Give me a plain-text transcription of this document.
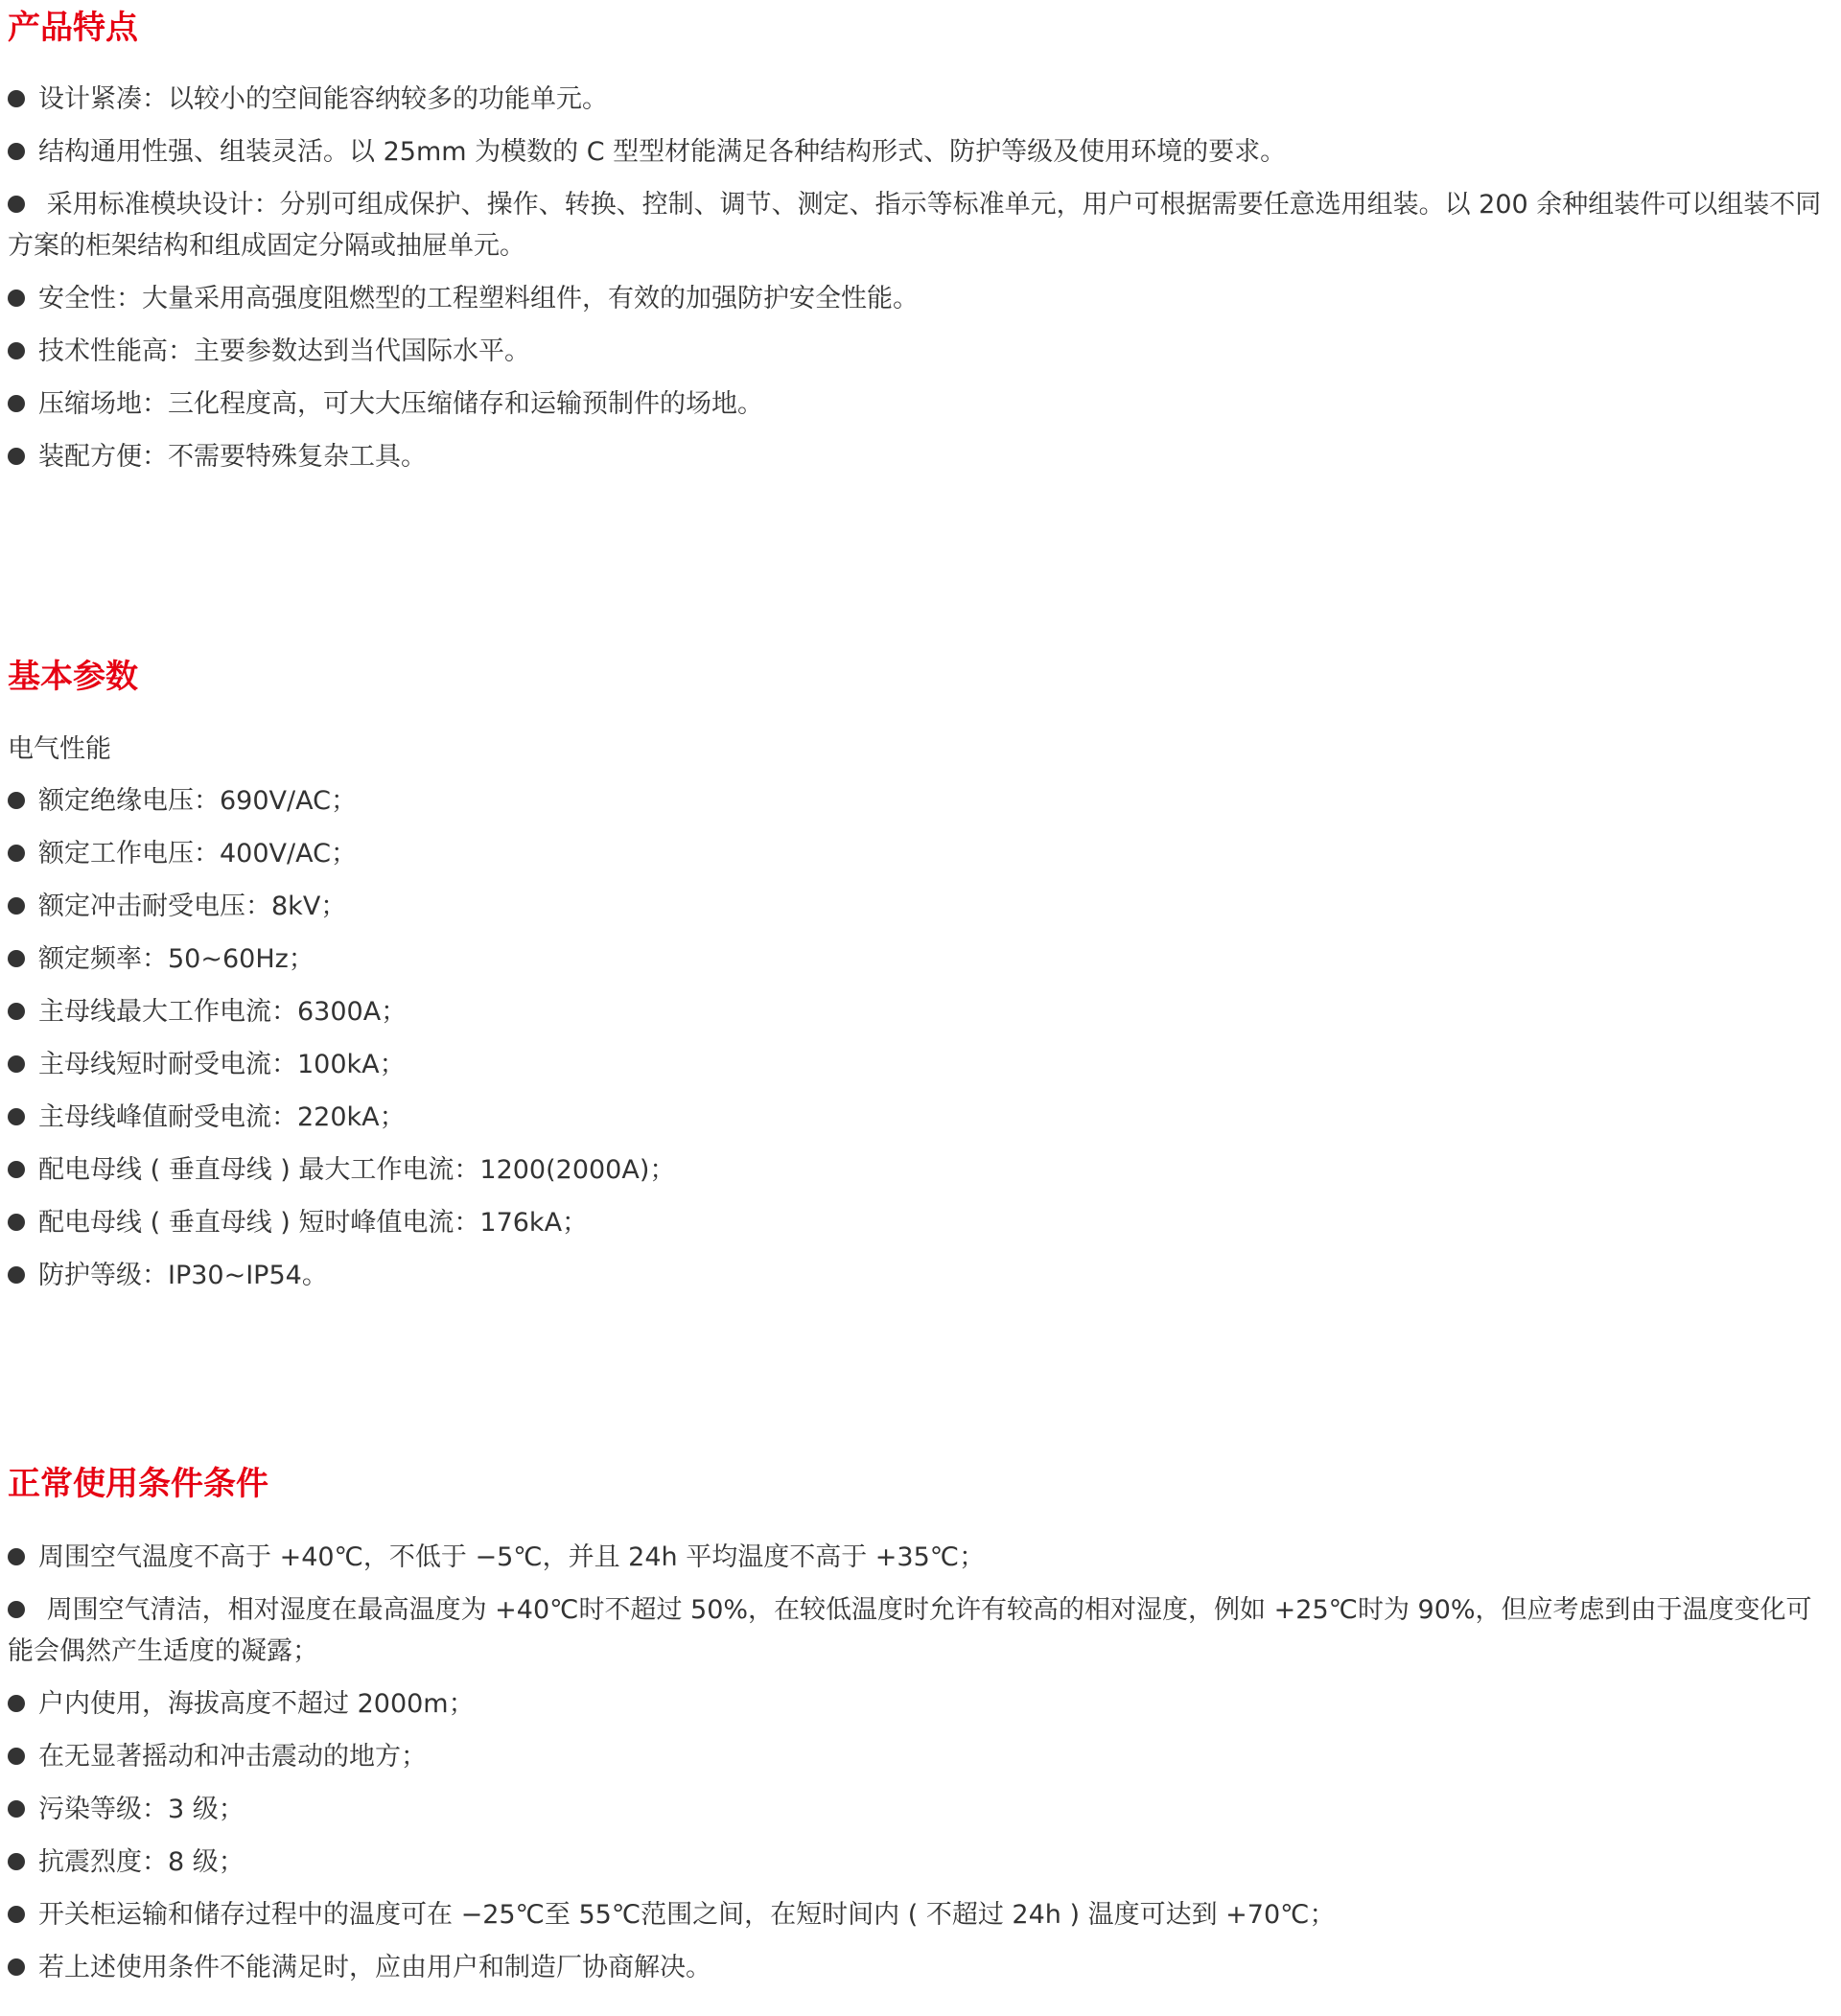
产品特点
设计紧凑：以较小的空间能容纳较多的功能单元。
结构通用性强、组装灵活。以 25mm 为模数的 C 型型材能满足各种结构形式、防护等级及使用环境的要求。
采用标准模块设计：分别可组成保护、操作、转换、控制、调节、测定、指示等标准单元，用户可根据需要任意选用组装。以 200 余种组装件可以组装不同方案的柜架结构和组成固定分隔或抽屉单元。
安全性：大量采用高强度阻燃型的工程塑料组件，有效的加强防护安全性能。
技术性能高：主要参数达到当代国际水平。
压缩场地：三化程度高，可大大压缩储存和运输预制件的场地。
装配方便：不需要特殊复杂工具。
基本参数
电气性能
额定绝缘电压：690V/AC；
额定工作电压：400V/AC；
额定冲击耐受电压：8kV；
额定频率：50~60Hz；
主母线最大工作电流：6300A；
主母线短时耐受电流：100kA；
主母线峰值耐受电流：220kA；
配电母线 ( 垂直母线 ) 最大工作电流：1200(2000A)；
配电母线 ( 垂直母线 ) 短时峰值电流：176kA；
防护等级：IP30~IP54。
正常使用条件条件
周围空气温度不高于 +40℃，不低于 −5℃，并且 24h 平均温度不高于 +35℃；
周围空气清洁，相对湿度在最高温度为 +40℃时不超过 50%，在较低温度时允许有较高的相对湿度，例如 +25℃时为 90%，但应考虑到由于温度变化可能会偶然产生适度的凝露；
户内使用，海拔高度不超过 2000m；
在无显著摇动和冲击震动的地方；
污染等级：3 级；
抗震烈度：8 级；
开关柜运输和储存过程中的温度可在 −25℃至 55℃范围之间，在短时间内 ( 不超过 24h ) 温度可达到 +70℃；
若上述使用条件不能满足时，应由用户和制造厂协商解决。
